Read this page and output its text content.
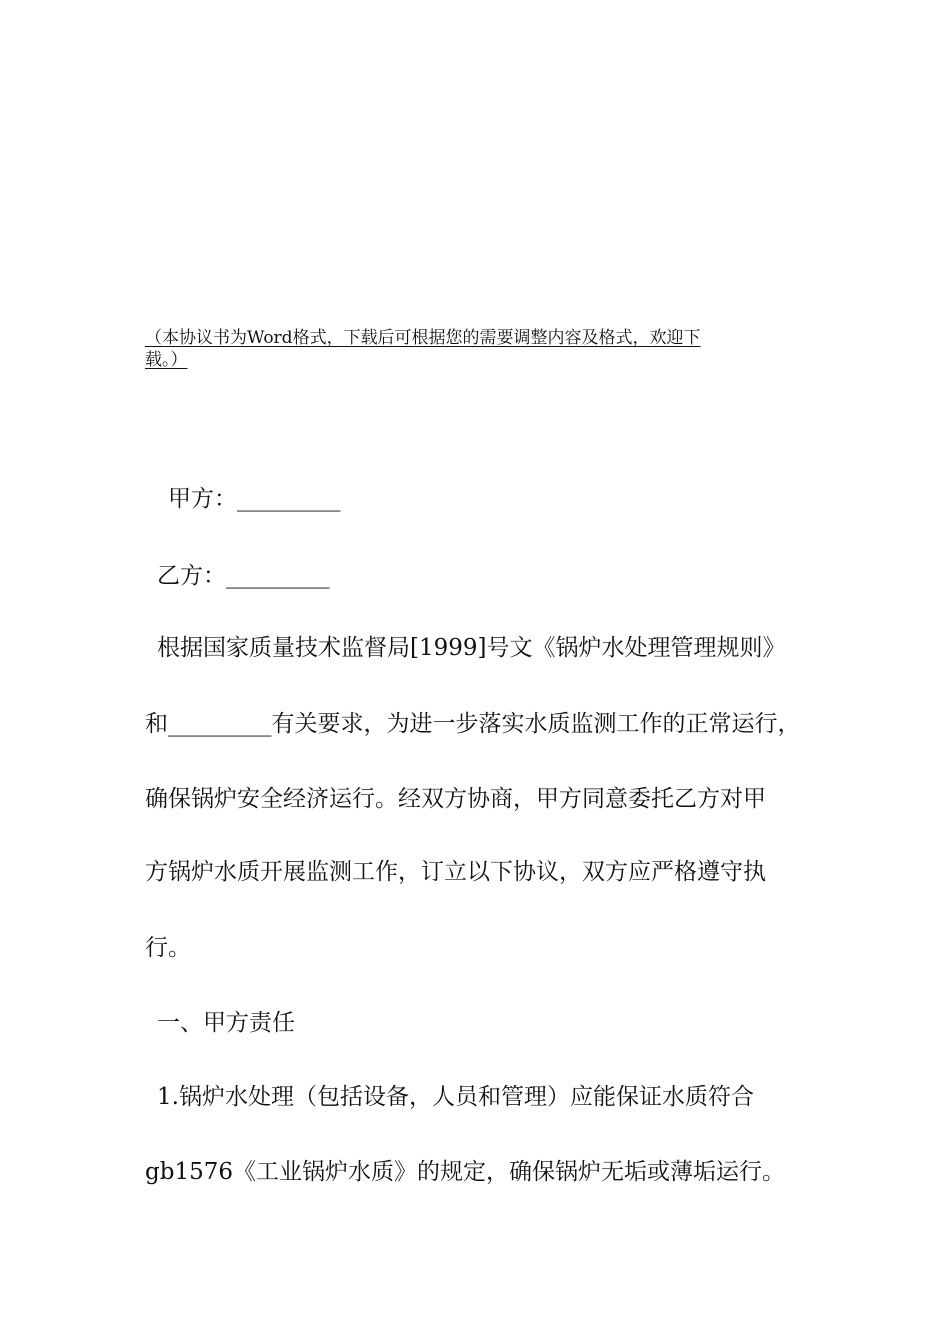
（本协议书为Word格式，下载后可根据您的需要调整内容及格式，欢迎下
载。）
甲方：_________
乙方：_________
根据国家质量技术监督局[1999]号文《锅炉水处理管理规则》
和_________有关要求，为进一步落实水质监测工作的正常运行，
确保锅炉安全经济运行。经双方协商，甲方同意委托乙方对甲
方锅炉水质开展监测工作，订立以下协议，双方应严格遵守执
行。
一、甲方责任
1.锅炉水处理（包括设备，人员和管理）应能保证水质符合
gb1576《工业锅炉水质》的规定，确保锅炉无垢或薄垢运行。
